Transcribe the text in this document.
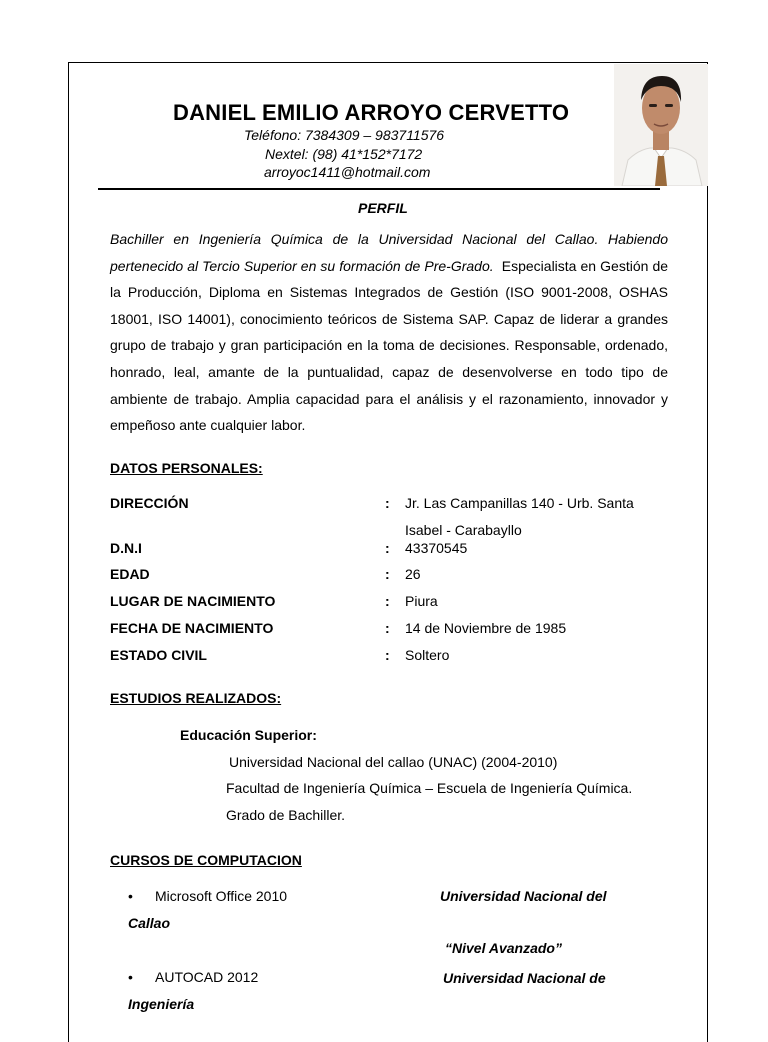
DANIEL EMILIO ARROYO CERVETTO
Teléfono: 7384309 – 983711576
Nextel: (98) 41*152*7172
arroyoc1411@hotmail.com
PERFIL
Bachiller en Ingeniería Química de la Universidad Nacional del Callao. Habiendo pertenecido al Tercio Superior en su formación de Pre-Grado. Especialista en Gestión de la Producción, Diploma en Sistemas Integrados de Gestión (ISO 9001-2008, OSHAS 18001, ISO 14001), conocimiento teóricos de Sistema SAP. Capaz de liderar a grandes grupo de trabajo y gran participación en la toma de decisiones. Responsable, ordenado, honrado, leal, amante de la puntualidad, capaz de desenvolverse en todo tipo de ambiente de trabajo. Amplia capacidad para el análisis y el razonamiento, innovador y empeñoso ante cualquier labor.
DATOS PERSONALES:
DIRECCIÓN	: Jr. Las Campanillas 140 - Urb. Santa
Isabel - Carabayllo
D.N.I	: 43370545
EDAD	: 26
LUGAR DE NACIMIENTO	: Piura
FECHA DE NACIMIENTO	: 14 de Noviembre de 1985
ESTADO CIVIL	: Soltero
ESTUDIOS REALIZADOS:
Educación Superior:
Universidad Nacional del callao (UNAC) (2004-2010)
Facultad de Ingeniería Química – Escuela de Ingeniería Química.
Grado de Bachiller.
CURSOS DE COMPUTACION
• Microsoft Office 2010	Universidad Nacional del
Callao
“Nivel Avanzado”
• AUTOCAD 2012	Universidad Nacional de
Ingeniería
